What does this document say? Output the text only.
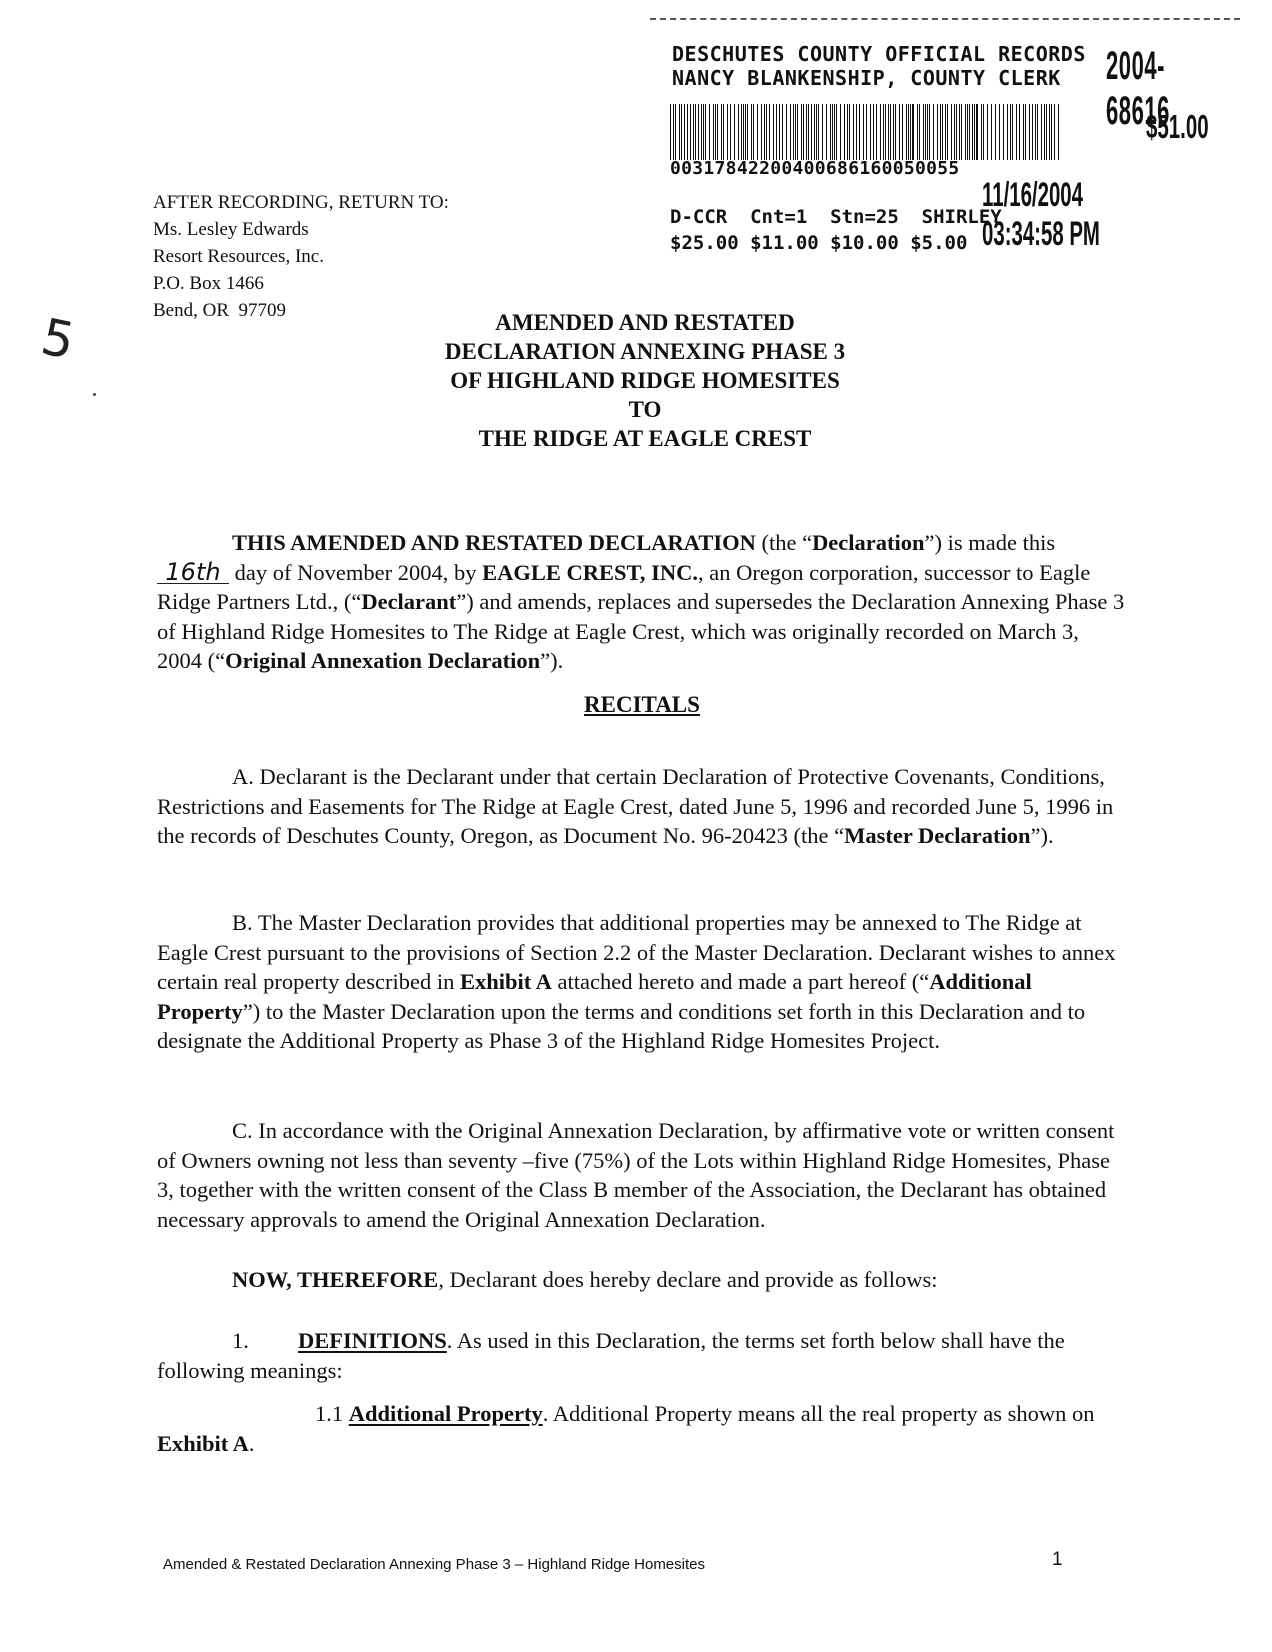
DESCHUTES COUNTY OFFICIAL RECORDS
NANCY BLANKENSHIP, COUNTY CLERK	2004-68616
$51.00
00317842200400686160050055
11/16/2004 03:34:58 PM
D-CCR  Cnt=1  Stn=25  SHIRLEY
$25.00 $11.00 $10.00 $5.00
AFTER RECORDING, RETURN TO:
Ms. Lesley Edwards
Resort Resources, Inc.
P.O. Box 1466
Bend, OR  97709
5	AMENDED AND RESTATED
DECLARATION ANNEXING PHASE 3
OF HIGHLAND RIDGE HOMESITES
TO
THE RIDGE AT EAGLE CREST
THIS AMENDED AND RESTATED DECLARATION (the “Declaration”) is made this 16th day of November 2004, by EAGLE CREST, INC., an Oregon corporation, successor to Eagle Ridge Partners Ltd., (“Declarant”) and amends, replaces and supersedes the Declaration Annexing Phase 3 of Highland Ridge Homesites to The Ridge at Eagle Crest, which was originally recorded on March 3, 2004 (“Original Annexation Declaration”).
RECITALS
A. Declarant is the Declarant under that certain Declaration of Protective Covenants, Conditions, Restrictions and Easements for The Ridge at Eagle Crest, dated June 5, 1996 and recorded June 5, 1996 in the records of Deschutes County, Oregon, as Document No. 96-20423 (the “Master Declaration”).
B. The Master Declaration provides that additional properties may be annexed to The Ridge at Eagle Crest pursuant to the provisions of Section 2.2 of the Master Declaration. Declarant wishes to annex certain real property described in Exhibit A attached hereto and made a part hereof (“Additional Property”) to the Master Declaration upon the terms and conditions set forth in this Declaration and to designate the Additional Property as Phase 3 of the Highland Ridge Homesites Project.
C. In accordance with the Original Annexation Declaration, by affirmative vote or written consent of Owners owning not less than seventy –five (75%) of the Lots within Highland Ridge Homesites, Phase 3, together with the written consent of the Class B member of the Association, the Declarant has obtained necessary approvals to amend the Original Annexation Declaration.
NOW, THEREFORE, Declarant does hereby declare and provide as follows:
1. DEFINITIONS. As used in this Declaration, the terms set forth below shall have the following meanings:
1.1 Additional Property. Additional Property means all the real property as shown on Exhibit A.
Amended & Restated Declaration Annexing Phase 3 – Highland Ridge Homesites	1
